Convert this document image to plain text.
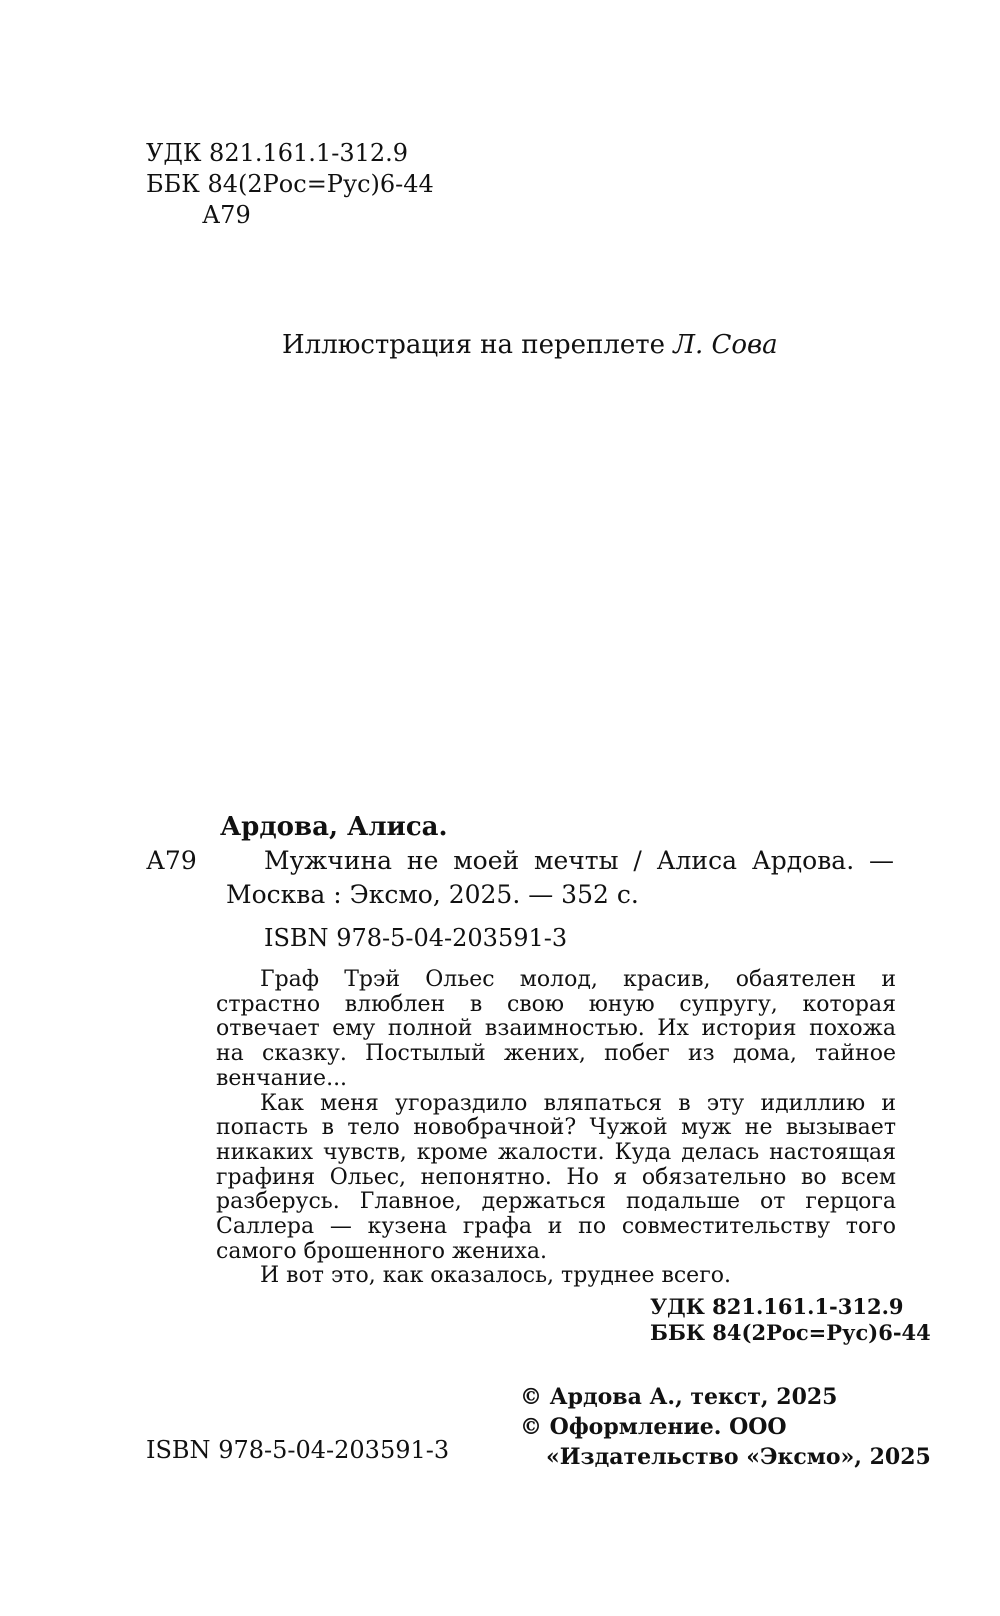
УДК 821.161.1-312.9
ББК 84(2Рос=Рус)6-44
А79
Иллюстрация на переплете Л. Сова
Ардова, Алиса.
А79	Мужчина не моей мечты / Алиса Ардова. —
Москва : Эксмо, 2025. — 352 с.
ISBN 978-5-04-203591-3

Граф Трэй Ольес молод, красив, обаятелен и страстно влюблен в свою юную супругу, которая отвечает ему полной взаимностью. Их история похожа на сказку. Постылый жених, побег из дома, тайное венчание...

Как меня угораздило вляпаться в эту идиллию и попасть в тело новобрачной? Чужой муж не вызывает никаких чувств, кроме жалости. Куда делась настоящая графиня Ольес, непонятно. Но я обязательно во всем разберусь. Главное, держаться подальше от герцога Саллера — кузена графа и по совместительству того самого брошенного жениха.

И вот это, как оказалось, труднее всего.

УДК 821.161.1-312.9
ББК 84(2Рос=Рус)6-44
© Ардова А., текст, 2025
© Оформление. ООО
«Издательство «Эксмо», 2025
ISBN 978-5-04-203591-3
